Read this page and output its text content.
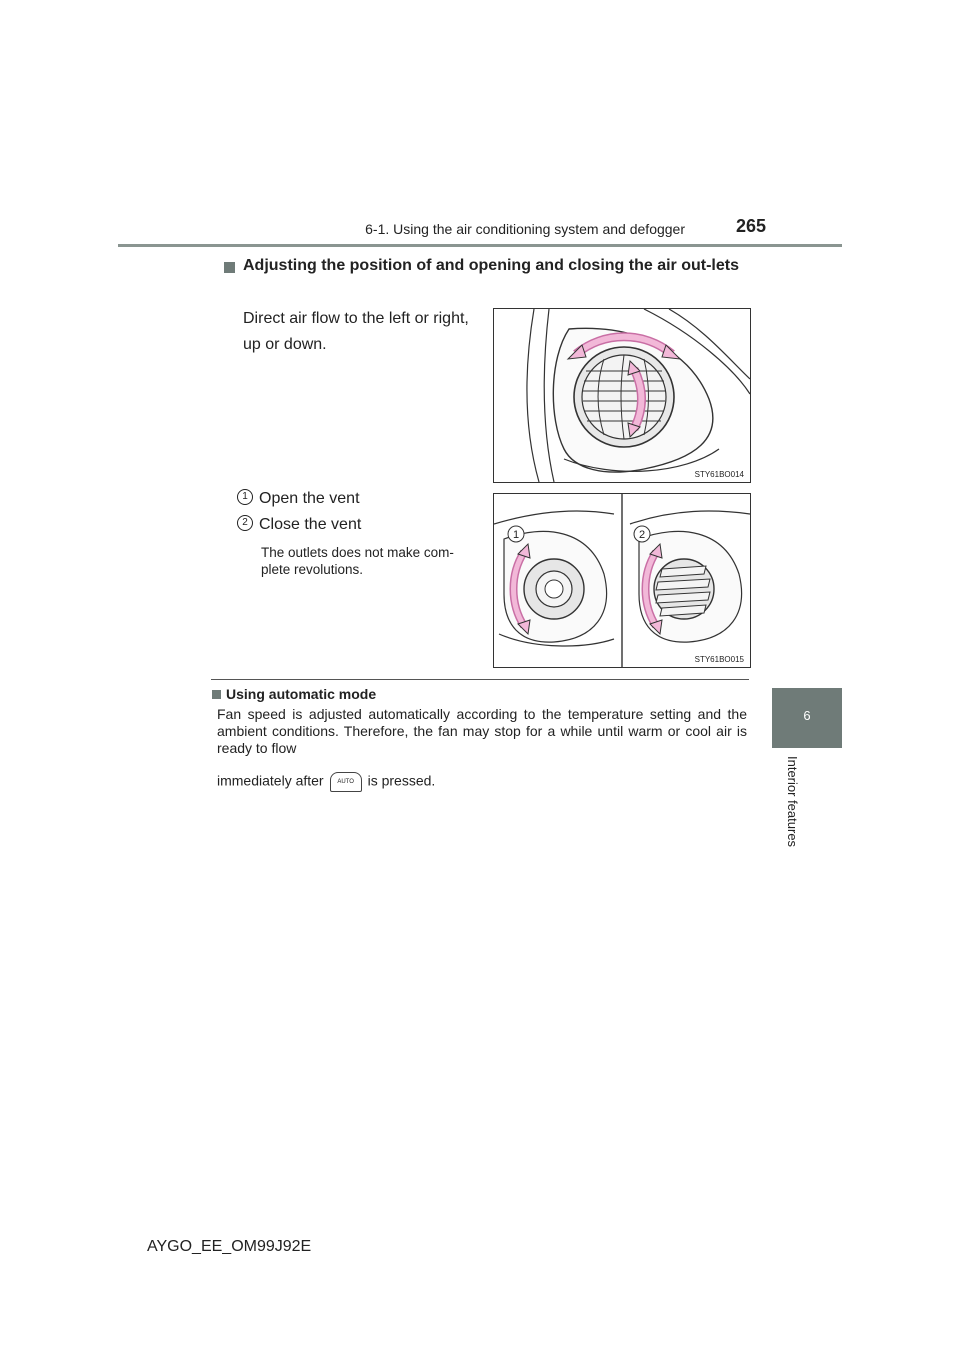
6-1. Using the air conditioning system and defogger	265
6
Interior features
Adjusting the position of and opening and closing the air out-lets
Direct air flow to the left or right, up or down.
STY61BO014
1 Open the vent
2 Close the vent
The outlets does not make com-plete revolutions.
1	2
STY61BO015
Using automatic mode
Fan speed is adjusted automatically according to the temperature setting and the ambient conditions. Therefore, the fan may stop for a while until warm or cool air is ready to flow
immediately after AUTO is pressed.
AYGO_EE_OM99J92E
